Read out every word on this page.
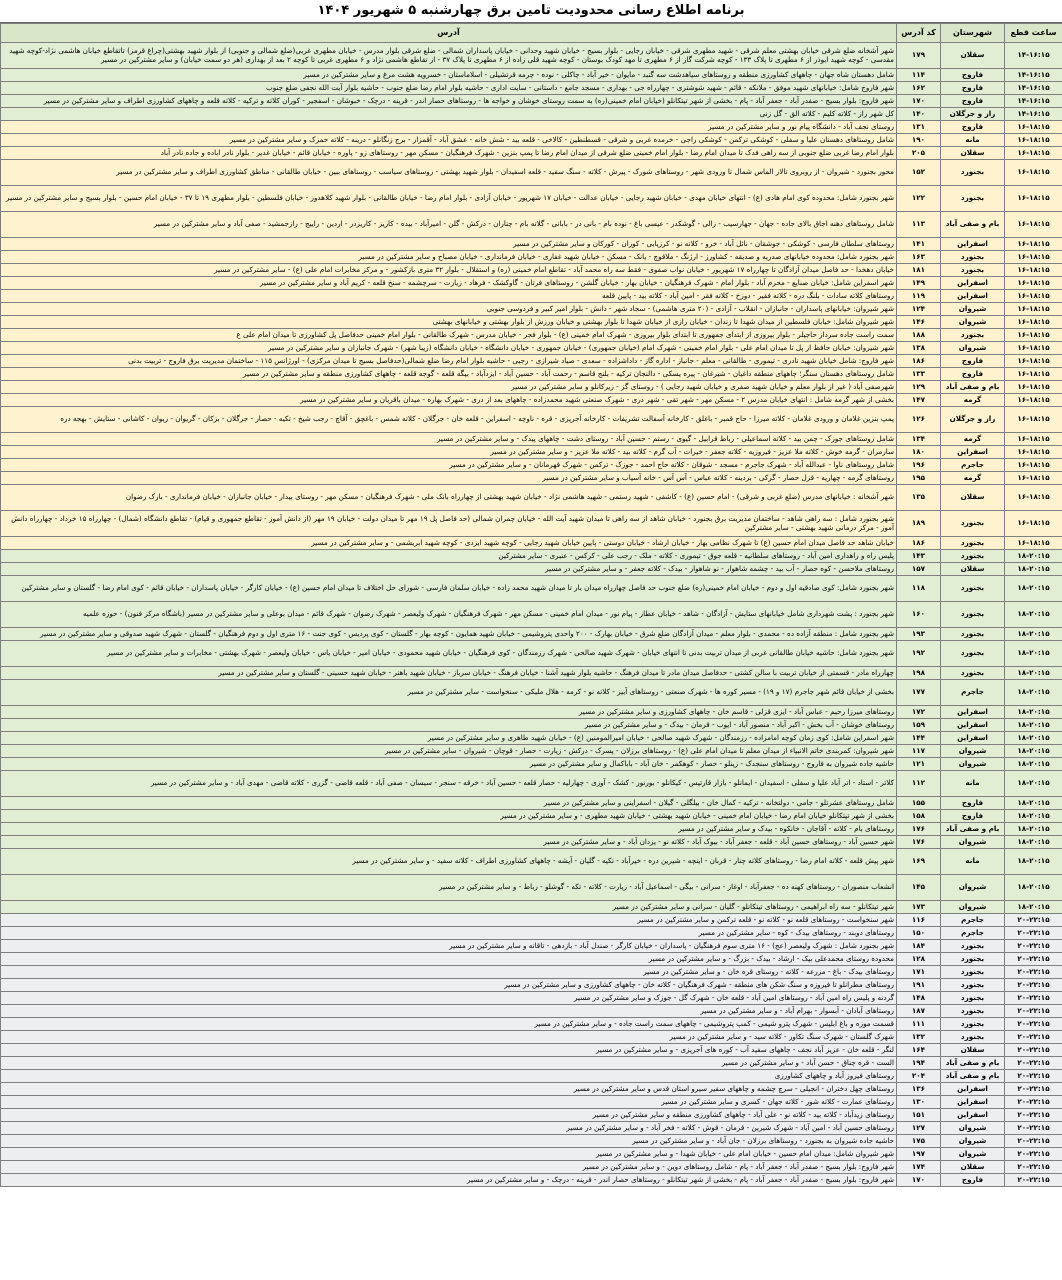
برنامه اطلاع رسانی محدودیت تامین برق چهارشنبه ۵ شهریور ۱۴۰۴
ساعت قطع	شهرستان	کد آدرس	آدرس
۱۴-۱۶:۱۵	سقلان	۱۷۹	شهر آشخانه ضلع شرقی خیابان بهشتی معلم شرقی - شهید مطهری شرقی - خیابان رجایی - بلوار بسیج - خیابان شهید وحدانی - خیابان پاسداران شمالی - ضلع شرقی بلوار مدرس - خیابان مطهری غربی(ضلع شمالی و جنوبی) از بلوار شهید بهشتی(چراغ قرمز) تاتقاطع خیابان هاشمی نژاد-کوچه شهید مقدسی - کوچه شهید ابوذر از ۶ مطهری تا پلاک ۱۳۳ - کوچه شرکت گاز از ۶ مطهری تا مهد کودک بوستان - کوچه شهید قلی زاده از ۶ مطهری تا پلاک ۳۷ - از تقاطع هاشمی نژاد و ۶ مطهری غربی تا کوچه ۲ بعد از بهداری (هر دو سمت خیابان) و سایر مشترکین در مسیر
۱۴-۱۶:۱۵	فاروج	۱۱۴	شامل دهستان شاه جهان - چاههای کشاورزی منطقه و روستاهای سیاهدشت سه گنبد - مایوان - خیر آباد - چاکلی - نوده - چرمه قرتشیلی - اسلاماستان - خسرویه هشت مرغ و سایر مشترکین در مسیر
۱۴-۱۶:۱۵	فاروج	۱۶۲	شهر فاروج شامل: خیابانهای شهید موفق - ملانکه - قائم - شهید شوشتری - چهارراه جی - بهداری - مسجد جامع - داستانی - سایت اداری - حاشیه بلوار امام رضا ضلع جنوب - حاشیه بلوار آیت الله نجفی ضلع جنوب
۱۴-۱۶:۱۵	فاروج	۱۷۰	شهر فاروج: بلوار بسیج - صفدر آباد - جعفر آباد - پام - بخشی از شهر تیتکانلو (خیابان امام خمینی(ره) به سمت روستای خوشان و خواجه ها - روستاهای حصار اندر - قرینه - درچک - خبوشان - اسفجیر - کوران کلاته و ترکیه - کلاته قلعه و چاههای کشاورزی اطراف و سایر مشترکین در مسیر
۱۴-۱۶:۱۵	راز و جرگلان	۱۴۰	کل شهر راز - کلاته کلیم - کلاته الق - گل زنی
۱۶-۱۸:۱۵	فاروج	۱۳۱	روستای نجف آباد - دانشگاه پیام نور و سایر مشترکین در مسیر
۱۶-۱۸:۱۵	مانه	۱۹۰	شامل روستاهای دهستان علیا و سفلی - کوشکی ترکمن - کوشکی راجی - خرمده غربی و شرقی - قسطنطین - کالاخی - قلعه بید - شش خانه - عشق آباد - آقمزار - برج زنگانلو - درینه - کلاته حمزک و سایر مشترکین در مسیر
۱۶-۱۸:۱۵	سقلان	۲۰۵	بلوار امام رضا غربی ضلع جنوبی از سه راهی فدک تا میدان امام رضا - بلوار امام خمینی ضلع شرقی از میدان امام رضا تا پمپ بنزین - شهرک فرهنگیان - مسکن مهر - روستاهای زو - پاوره - خیابان قائم - خیابان غدیر - بلوار نادر اباده و جاده نادر آباد
۱۶-۱۸:۱۵	بجنورد	۱۵۲	محور بجنورد - شیروان - از روبروی تالار الماس شمال تا ورودی شهر - روستاهای شورک - پیرش - کلاته - سنگ سفید - قلعه اسفیدان - بلوار شهید بهشتی - روستاهای سیاسب - روستاهای ببین - خیابان طالقانی - مناطق کشاورزی اطراف و سایر مشترکین در مسیر
۱۶-۱۸:۱۵	بجنورد	۱۲۲	شهر بجنورد شامل: محدوده کوی امام هادی (ع) - انتهای خیابان مهدی - خیابان شهید رجایی - خیابان عدالت - خیابان ۱۷ شهریور - خیابان آزادی - بلوار امام رضا - خیابان طالقانی - بلوار شهید کلاهدوز - خیابان فلسطین - بلوار مطهری ۱۹ تا ۳۷ - خیابان امام حسین - بلوار بسیج و سایر مشترکین در مسیر
۱۶-۱۸:۱۵	بام و صفی آباد	۱۱۳	شامل روستاهای دهنه اجاق بالای جاده - جهان - جهارسیب - زالی - گوشکدر - عیسی باغ - نوده بام - بانی در - بابانی - گلاته بام - چناران - درکش - گلن - امیرآباد - بیده - کاریز - کاریزدر - اردین - راییج - رازجمشید - صفی آباد و سایر مشترکین در مسیر
۱۶-۱۸:۱۵	اسفراین	۱۴۱	روستاهای سلطان فارسی - کوشکی - جوشقان - نائل آباد - خرو - کلاته نو - کرزیابی - کوران - کورکان و سایر مشترکین در مسیر
۱۶-۱۸:۱۵	بجنورد	۱۶۳	شهر بجنورد شامل: محدوده خیابانهای صدریه و صدیقه - کشاورز - ارژنگ - ملاقوچ - یانک - مسکن - خیابان شهید غفاری - خیابان فرمانداری - خیابان مصباح و سایر مشترکین در مسیر
۱۶-۱۸:۱۵	بجنورد	۱۸۱	خیابان دهخدا - حد فاصل میدان آزادگان تا چهارراه ۱۷ شهریور - خیابان نواب صفوی - فقط سه راه محمد آباد - تقاطع امام خمینی (ره) و استقلال - بلوار ۳۲ متری بازکشور - و مرکز مخابرات امام علی (ع) - سایر مشترکین در مسیر
۱۶-۱۸:۱۵	اسفراین	۱۴۹	شهر اسفراین شامل: خیابان صنایع - محرم آباد - بلوار امام - شهرک فرهنگیان - خیابان بهار - خیابان گلشن - روستاهای فرتان - گاوکشک - فرهاد - زیارت - سرچشمه - سنخ قلعه - کریم آباد و سایر مشترکین در مسیر
۱۶-۱۸:۱۵	اسفراین	۱۱۹	روستاهای کلاته سادات - بلنگ دره - کلاته فقیر - دوزخ - کلاته فقر - امین آباد - کلاته بید - پایین قلعه
۱۶-۱۸:۱۵	شیروان	۱۲۴	شهر شیروان: خیابانهای پاسداران - جانبازان - انقلاب - آزادی - (۲۰ متری هاشمی) - سجاد شهر - دانش - بلوار امیر کبیر و فردوسی جنوبی
۱۶-۱۸:۱۵	شیروان	۱۴۶	شهر شیروان شامل: خیابان فلسطین از میدان شهدا تا زندان - خیابان رازی از خیابان شهدا تا بلوار بهشتی و خیابان ورزش از بلوار بهشتی و خیابانهای بهشتی
۱۶-۱۸:۱۵	بجنورد	۱۸۸	سمت راست جاده سرداز حاجیلر - بلوار بیروزی از ابتدای جمهوری تا ابتدای بلوار بیروزی - شهرک امام خمینی (ع) - بلوار فجر - خیابان مدرس - شهرک طالقانی - بلوار امام خمینی حدفاصل پل کشاورزی تا میدان امام علی ع
۱۶-۱۸:۱۵	شیروان	۱۳۸	شهر شیروان: خیابان حافظ از پل تا میدان امام علی - بلوار امام خمینی - شهرک امام (خیابان جمهوری) - خیابان جمهوری - خیابان دانشگاه - خیابان دانشگاه (زیبا شهر) - شهرک جانبازان و سایر مشترکین در مسیر
۱۶-۱۸:۱۵	فاروج	۱۸۶	شهر فاروج: شامل خیابان شهید نادری - تیموری - طالقانی - معلم - جانباز - اداره گاز - داداشزاده - سعدی - صیاد شیرازی - رجبی - حاشیه بلوار امام رضا ضلع شمالی(حدفاصل بسیج تا میدان مرکزی) - اورژانس ۱۱۵ - ساختمان مدیریت برق فاروج - تربیت بدنی
۱۶-۱۸:۱۵	فاروج	۱۳۳	شامل روستاهای دهستان سنگر؛ چاههای منطقه داغیان - شیرغان - پیره یسکی - دالنجان ترکیه - بلنج قاسم - رحمت آباد - حسین آباد - ایزدآباد - بیگه قلعه - گوجه قلعه - چاههای کشاورزی منطقه و سایر مشترکین در مسیر
۱۶-۱۸:۱۵	بام و صفی آباد	۱۲۹	شهرصفی آباد ( غیر از بلوار معلم و خیابان شهید صفری و خیابان شهید رجایی ) - روستای گز - زیرکانلو و سایر مشترکین در مسیر
۱۶-۱۸:۱۵	گرمه	۱۴۷	بخشی از شهر گرمه شامل : انتهای خیابان مدرس ۲ - مسکن مهر - شهر تقی - شهر دری - شهرک صنعتی شهید محمدزاده - چاههای بعد از دری - شهرک بهاره - میدان باقریان و سایر مشترکین در مسیر
۱۶-۱۸:۱۵	راز و جرگلان	۱۲۶	پمپ بنزین غلامان و ورودی غلامان - کلاته میرزا - حاج قمبر - باغلق - کارخانه آسفالت تشریفات - کارخانه آجرپزی - قره - ناوچه - اسفراین - قلعه خان - جرگلان - کلاته شمس - باغچق - آقاچ - رجب شیخ - تکیه - حصار - جرگلان - بزکان - گریوان - ریوان - کاشانی - ستایش - بهجه دره
۱۶-۱۸:۱۵	گرمه	۱۳۴	شامل روستاهای جوزک - چمن بید - کلاته اسماعیلی - رباط قرابیل - گیوی - رستم - حسین آباد - روستای دشت - چاههای پیدک - و سایر مشترکین در مسیر
۱۶-۱۸:۱۵	اسفراین	۱۸۰	سارمران - گرمه خوش - کلاته ملا عزیز - فیروزیه - کلاته جعفر - خیرات - آب گرم - کلاته بید - کلاته ملا عزیز - و سایر مشترکین در مسیر
۱۶-۱۸:۱۵	جاجرم	۱۹۶	شامل روستاهای ناوا - عبدالله آباد - شهرک جاجرم - مسجد - شوقان - کلاته حاج احمد - جوزک - ترکمن - شهرک قهرمانان - و سایر مشترکین در مسیر
۱۶-۱۸:۱۵	گرمه	۱۹۵	روستاهای گرمه - چهاریه - قزل حصار - گرکی - بردینه - کلاته عباس - آس آس - خانه آسیاب و سایر مشترکین در مسیر
۱۶-۱۸:۱۵	سقلان	۱۳۵	شهر آشخانه : خیابانهای مدرس (ضلع غربی و شرقی) - امام حسین (ع) - کاشفی - شهید رستمی - شهید هاشمی نژاد - خیابان شهید بهشتی از چهارراه بانک ملی - شهرک فرهنگیان - مسکن مهر - روستای بیدار - خیابان جانبازان - خیابان فرمانداری - بارک رضوان
۱۶-۱۸:۱۵	بجنورد	۱۸۹	شهر بجنورد شامل : سه راهی شاهد - ساختمان مدیریت برق بجنورد - خیابان شاهد از سه راهی تا میدان شهید آیت الله - خیابان چمران شمالی (حد فاصل پل ۱۹ مهر تا میدان دولت - خیابان ۱۹ مهر (از دانش آموز - تقاطع جمهوری و قیام) - تقاطع دانشگاه (شمال) - چهارراه ۱۵ خرداد - چهارراه دانش آموز - مرکز درمانی شهید بهشتی - سایر مشترکین
۱۶-۱۸:۱۵	بجنورد	۱۸۶	خیابان شاهد حد فاصل میدان امام حسین (ع) تا شهرک نظامی بهار - خیابان ارشاد - خیابان دوستی - پایین خیابان شهید رجایی - کوچه شهید ایزدی - کوچه شهید ابریشمی - و سایر مشترکین در مسیر
۱۸-۲۰:۱۵	بجنورد	۱۴۳	پلیس راه و راهداری امین آباد - روستاهای سلطانیه - قلعه جوق - تیموری - کلاته - ملک - رجب علی - کرکس - عنبری - سایر مشترکین
۱۸-۲۰:۱۵	سقلان	۱۵۷	روستاهای ملاحسن - کوه حصار - آب بید - چشمه شاهوار - نو شاهوار - بیدک - کلاته جعفر - و سایر مشترکین در مسیر
۱۸-۲۰:۱۵	بجنورد	۱۱۸	شهر بجنورد شامل: کوی صادقیه اول و دوم - خیابان امام خمینی(ره) ضلع جنوب حد فاصل چهارراه میدان بار تا میدان شهید محمد زاده - خیابان سلمان فارسی - شورای حل اختلاف تا میدان امام حسین (ع) - خیابان کارگر - خیابان پاسداران - خیابان قائم - کوی امام رضا - گلستان و سایر مشترکین
۱۸-۲۰:۱۵	بجنورد	۱۶۰	شهر بجنورد : پشت شهرداری شامل خیابانهای ستایش - آزادگان - شاهد - خیابان عطار - پیام نور - میدان امام خمینی - مسکن مهر - شهرک فرهنگیان - شهرک ولیعصر - شهرک رضوان - شهرک قائم - میدان بوعلی و سایر مشترکین در مسیر (باشگاه مرکز فنون) - حوزه علمیه
۱۸-۲۰:۱۵	بجنورد	۱۹۳	شهر بجنورد شامل : منطقه آزاده ده - محمدی - بلوار معلم - میدان آزادگان ضلع شرق - خیابان بهارک - ۲۰۰ واحدی پتروشیمی - خیابان شهید همایون - کوچه بهار - گلستان - کوی پردیس - کوی جنت - ۱۶ متری اول و دوم فرهنگیان - گلستان - شهرک شهید صدوقی و سایر مشترکین در مسیر
۱۸-۲۰:۱۵	بجنورد	۱۹۲	شهر بجنورد شامل: حاشیه خیابان طالقانی غربی از میدان تربیت بدنی تا انتهای خیابان - شهرک شهید صالحی - شهرک رزمندگان - کوی فرهنگیان - خیابان شهید محمودی - خیابان امیر - خیابان یاس - خیابان ولیعصر - شهرک بهشتی - مخابرات و سایر مشترکین در مسیر
۱۸-۲۰:۱۵	بجنورد	۱۹۸	چهارراه مادر - قسمتی از خیابان تربیت با سالن کشتی - حدفاصل میدان مادر تا میدان فرهنگ - حاشیه بلوار شهید آشنا - خیابان فرهنگ - خیابان سرباز - خیابان شهید باهنر - خیابان شهید حسینی - گلستان و سایر مشترکین در مسیر
۱۸-۲۰:۱۵	جاجرم	۱۷۷	بخشی از خیابان قائم شهر جاجرم (۱۷ و ۱۹) - مسیر کوره ها - شهرک صنعتی - روستاهای آبیز - کلاته نو - کرمه - هلال ملیکی - سنخواست - سایر مشترکین در مسیر
۱۸-۲۰:۱۵	اسفراین	۱۷۲	روستاهای میرزا رحیم - عباس آباد - ایزی قزلی - قاسم خان - چاههای کشاورزی و سایر مشترکین در مسیر
۱۸-۲۰:۱۵	اسفراین	۱۵۹	روستاهای خوشان - آب بخش - اکبر آباد - منصور آباد - ایوب - قرمان - بیدک - و سایر مشترکین در مسیر
۱۸-۲۰:۱۵	اسفراین	۱۴۴	شهر اسفراین شامل: کوی زمان کوچه امامزاده - رزمندگان - شهرک شهید صالحی - خیابان امیرالمومنین (ع) - خیابان شهید طاهری و سایر مشترکین در مسیر
۱۸-۲۰:۱۵	شیروان	۱۱۷	شهر شیروان: کمربندی خاتم الانبیاء از میدان معلم تا میدان امام علی (ع) - روستاهای برزلان - پسرک - درکش - زیارت - حصار - قوچان - شیروان - سایر مشترکین در مسیر
۱۸-۲۰:۱۵	شیروان	۱۲۱	حاشیه جاده شیروان به فاروج - روستاهای سنجدک - زینلو - حصار - کوهکمر - خان آباد - باباکمال و سایر مشترکین در مسیر
۱۸-۲۰:۱۵	مانه	۱۱۲	کلاتر - استاد - اتر آباد علیا و سفلی - اسفیدان - ایمانلو - بازار قارتیس - کیکانلو - بورنور - کشک - آوزی - چهارلیه - حصار قلعه - حسین آباد - خرقه - سنجر - سیسان - صفی آباد - قلعه قاضی - گزری - کلاته قاضی - مهدی آباد - و سایر مشترکین در مسیر
۱۸-۲۰:۱۵	فاروج	۱۵۵	شامل روستاهای عشرتلو - جامی - دولتخانه - ترکیه - کمال خان - بیلگلی - گیلان - اسفراینی و سایر مشترکین در مسیر
۱۸-۲۰:۱۵	فاروج	۱۵۸	بخشی از شهر تیتکانلو خیابان امام رضا - خیابان امام خمینی - خیابان شهید بهشتی - خیابان شهید مطهری - و سایر مشترکین در مسیر
۱۸-۲۰:۱۵	بام و صفی آباد	۱۷۶	روستاهای بام - کلاته - آقاجان - خانکوه - بیدک و سایر مشترکین در مسیر
۱۸-۲۰:۱۵	شیروان	۱۷۶	شهر حسین آباد - روستاهای حسین آباد - قلعه - جعفر آباد - بیوک آباد - کلاته نو - یزدان آباد - و سایر مشترکین در مسیر
۱۸-۲۰:۱۵	مانه	۱۶۹	شهر پیش قلعه - کلاته امام رضا - روستاهای کلاته چنار - قربان - اینچه - شیرین دره - خیرآباد - تکیه - گلیان - آیشه - چاههای کشاورزی اطراف - کلاته سفید - و سایر مشترکین در مسیر
۱۸-۲۰:۱۵	شیروان	۱۴۵	انشعاب منصوران - روستاهای کهنه ده - جعفرآباد - اوغاز - سرانی - بیگی - اسماعیل آباد - زیارت - کلاته - تکه - گوشلو - رباط - و سایر مشترکین در مسیر
۱۸-۲۰:۱۵	شیروان	۱۷۳	شهر تیتکانلو - سه راه ابراهیمی - روستاهای تیتکانلو - گلیان - سرانی و سایر مشترکین در مسیر
۲۰-۲۲:۱۵	جاجرم	۱۱۶	شهر سنخواست - روستاهای قلعه نو - کلاته نو - قلعه ترکمن و سایر مشترکین در مسیر
۲۰-۲۲:۱۵	جاجرم	۱۵۰	روستاهای دوبند - روستاهای بیدک - کوه - سایر مشترکین در مسیر
۲۰-۲۲:۱۵	بجنورد	۱۸۴	شهر بجنورد شامل : شهرک ولیعصر (عج) - ۱۶ متری سوم فرهنگیان - پاسداران - خیابان کارگر - صندل آباد - بازدهی - تاقانه و سایر مشترکین در مسیر
۲۰-۲۲:۱۵	بجنورد	۱۲۸	محدوده روستای محمدعلی بیک - ارشاد - بیدک - بزرگ - و سایر مشترکین در مسیر
۲۰-۲۲:۱۵	بجنورد	۱۷۱	روستاهای بیدک - باغ - مزرعه - کلاته - روستای قره خان - و سایر مشترکین در مسیر
۲۰-۲۲:۱۵	بجنورد	۱۹۱	روستاهای مطرانلو تا فیروزه و سنگ شکن های منطقه - شهرک فرهنگیان - کلاته خان - چاههای کشاورزی و سایر مشترکین در مسیر
۲۰-۲۲:۱۵	بجنورد	۱۴۸	گردنه و پلیس راه امین آباد - روستاهای امین آباد - قلعه خان - شهرک گل - جوزک و سایر مشترکین در مسیر
۲۰-۲۲:۱۵	بجنورد	۱۸۷	روستاهای آبادان - آبسوار - بهرام آباد - و سایر مشترکین در مسیر
۲۰-۲۲:۱۵	بجنورد	۱۱۱	قسمت موزه و باغ ابلیس - شهرک پترو شیمی - کمپ پتروشیمی - چاههای سمت راست جاده - و سایر مشترکین در مسیر
۲۰-۲۲:۱۵	بجنورد	۱۳۲	شهرک گلستان - شهرک سنگ تکاور - کلاته سید - و سایر مشترکین در مسیر
۲۰-۲۲:۱۵	سقلان	۱۶۴	لنگر - قلعه خان - عزیز آباد نجف - چاههای سفید آب - کوره های آجرپزی - و سایر مشترکین در مسیر
۲۰-۲۲:۱۵	بام و صفی آباد	۱۹۴	الست - قره چناق - حسن آباد - و سایر مشترکین در مسیر
۲۰-۲۲:۱۵	بام و صفی آباد	۲۰۴	روستاهای فیروز آباد و چاههای کشاورزی
۲۰-۲۲:۱۵	اسفراین	۱۳۶	روستاهای چهل دختران - انجیلی - سرچ چشمه و چاههای سفیر سیرو استان قدس و سایر مشترکین در مسیر
۲۰-۲۲:۱۵	اسفراین	۱۳۰	روستاهای عمارت - کلاته شور - کلاته جهان - کسری و سایر مشترکین در مسیر
۲۰-۲۲:۱۵	اسفراین	۱۵۱	روستاهای زیدآباد - کلاته بید - کلاته نو - علی آباد - چاههای کشاورزی منطقه و سایر مشترکین در مسیر
۲۰-۲۲:۱۵	شیروان	۱۲۷	روستاهای حسین آباد - امین آباد - شهرک شیرین - قرمان - قوش - کلاته - فخر آباد - و سایر مشترکین در مسیر
۲۰-۲۲:۱۵	شیروان	۱۷۵	حاشیه جاده شیروان به بجنورد - روستاهای برزلان - جان آباد - و سایر مشترکین در مسیر
۲۰-۲۲:۱۵	شیروان	۱۹۷	شهر شیروان شامل: میدان امام حسین - خیابان امام علی - خیابان شهدا - و سایر مشترکین در مسیر
۲۰-۲۲:۱۵	سقلان	۱۷۴	شهر فاروج: بلوار بسیج - صفدر آباد - جعفر آباد - پام - شامل روستاهای دوین - و سایر مشترکین در مسیر
۲۰-۲۲:۱۵	فاروج	۱۷۰	شهر فاروج: بلوار بسیج - صفدر آباد - جعفر آباد - پام - بخشی از شهر تیتکانلو - روستاهای حصار اندر - قرینه - درچک - و سایر مشترکین در مسیر
